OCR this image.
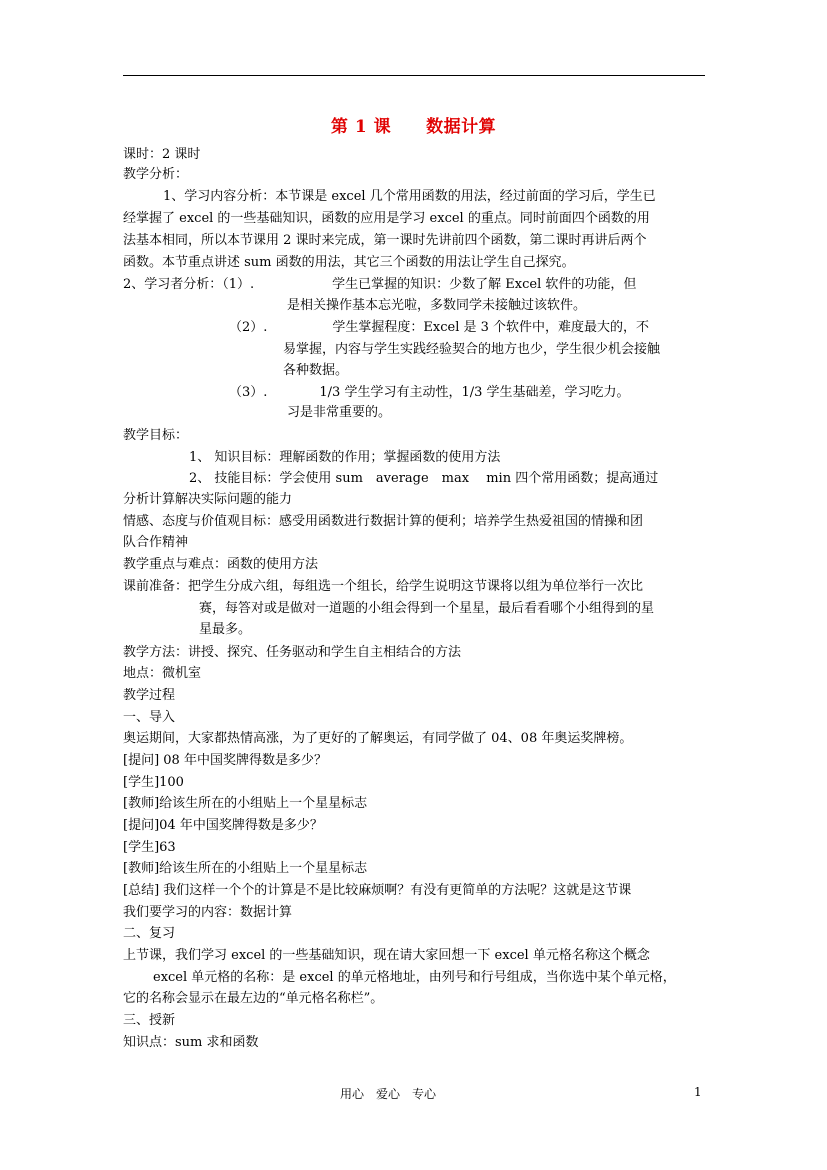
第 1 课　　数据计算
课时：2 课时
教学分析：
1、学习内容分析：本节课是 excel 几个常用函数的用法，经过前面的学习后，学生已
经掌握了 excel 的一些基础知识，函数的应用是学习 excel 的重点。同时前面四个函数的用
法基本相同，所以本节课用 2 课时来完成，第一课时先讲前四个函数，第二课时再讲后两个
函数。本节重点讲述 sum 函数的用法，其它三个函数的用法让学生自己探究。
2、学习者分析：（1）.　　　　　　学生已掌握的知识：少数了解 Excel 软件的功能，但
是相关操作基本忘光啦，多数同学未接触过该软件。
（2）.　　　　　学生掌握程度：Excel 是 3 个软件中，难度最大的，不
易掌握，内容与学生实践经验契合的地方也少，学生很少机会接触
各种数据。
（3）.　　　　1/3 学生学习有主动性，1/3 学生基础差，学习吃力。
习是非常重要的。
教学目标：
1、 知识目标：理解函数的作用；掌握函数的使用方法
2、 技能目标：学会使用 sum　average　max　 min 四个常用函数；提高通过
分析计算解决实际问题的能力
情感、态度与价值观目标：感受用函数进行数据计算的便利；培养学生热爱祖国的情操和团
队合作精神
教学重点与难点：函数的使用方法
课前准备：把学生分成六组，每组选一个组长，给学生说明这节课将以组为单位举行一次比
赛，每答对或是做对一道题的小组会得到一个星星，最后看看哪个小组得到的星
星最多。
教学方法：讲授、探究、任务驱动和学生自主相结合的方法
地点：微机室
教学过程
一、导入
奥运期间，大家都热情高涨，为了更好的了解奥运，有同学做了 04、08 年奥运奖牌榜。
[提问] 08 年中国奖牌得数是多少？
[学生]100
[教师]给该生所在的小组贴上一个星星标志
[提问]04 年中国奖牌得数是多少？
[学生]63
[教师]给该生所在的小组贴上一个星星标志
[总结] 我们这样一个个的计算是不是比较麻烦啊？有没有更简单的方法呢？这就是这节课
我们要学习的内容：数据计算
二、复习
上节课，我们学习 excel 的一些基础知识，现在请大家回想一下 excel 单元格名称这个概念
excel 单元格的名称：是 excel 的单元格地址，由列号和行号组成，当你选中某个单元格，
它的名称会显示在最左边的“单元格名称栏”。
三、授新
知识点：sum 求和函数
用心　爱心　专心	1
